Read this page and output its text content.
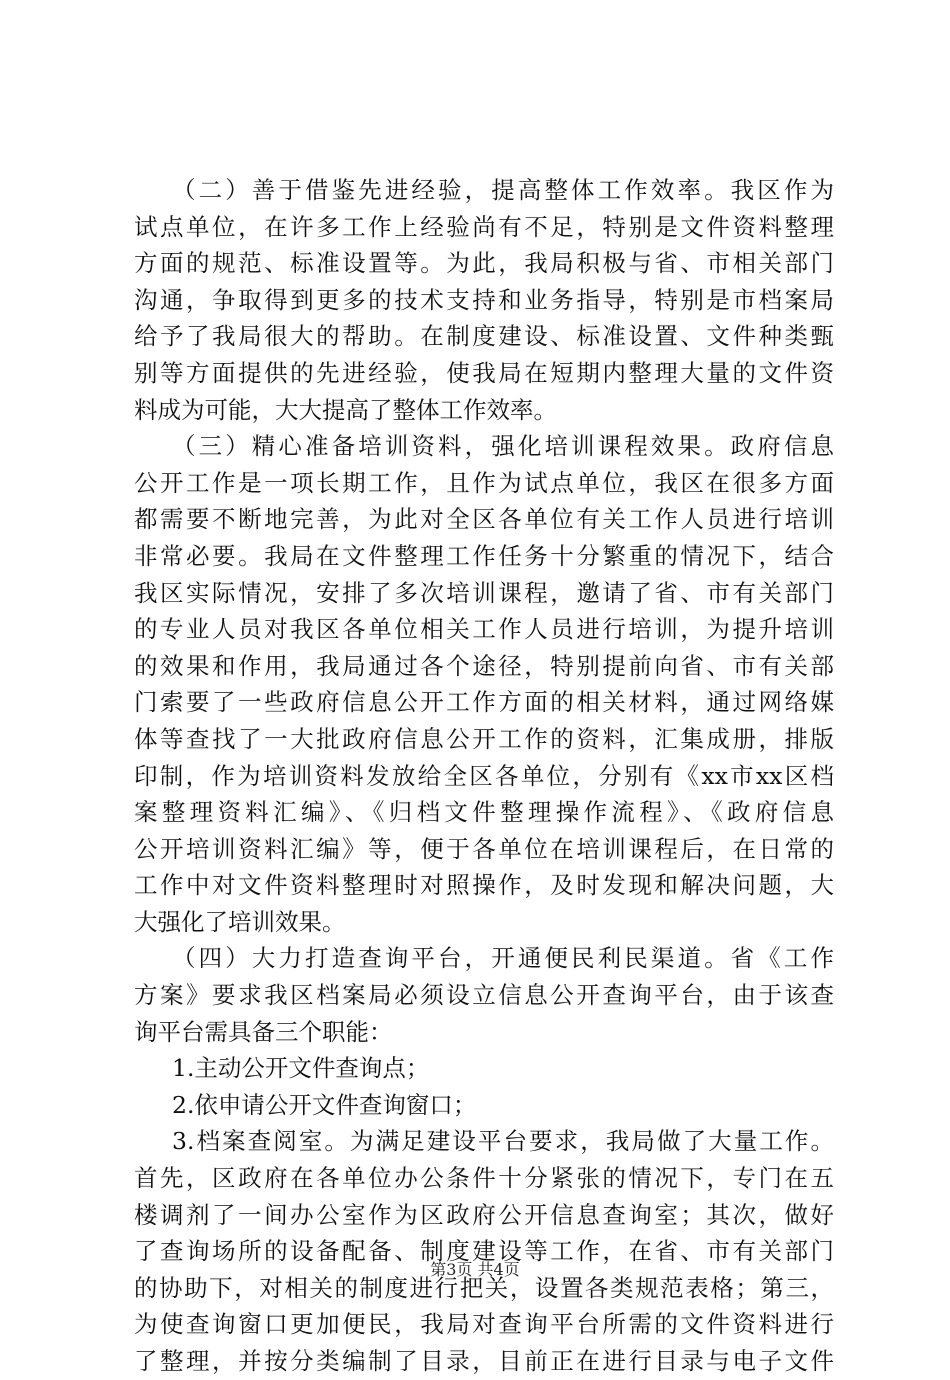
（二）善于借鉴先进经验，提高整体工作效率。我区作为
试点单位，在许多工作上经验尚有不足，特别是文件资料整理
方面的规范、标准设置等。为此，我局积极与省、市相关部门
沟通，争取得到更多的技术支持和业务指导，特别是市档案局
给予了我局很大的帮助。在制度建设、标准设置、文件种类甄
别等方面提供的先进经验，使我局在短期内整理大量的文件资
料成为可能，大大提高了整体工作效率。
（三）精心准备培训资料，强化培训课程效果。政府信息
公开工作是一项长期工作，且作为试点单位，我区在很多方面
都需要不断地完善，为此对全区各单位有关工作人员进行培训
非常必要。我局在文件整理工作任务十分繁重的情况下，结合
我区实际情况，安排了多次培训课程，邀请了省、市有关部门
的专业人员对我区各单位相关工作人员进行培训，为提升培训
的效果和作用，我局通过各个途径，特别提前向省、市有关部
门索要了一些政府信息公开工作方面的相关材料，通过网络媒
体等查找了一大批政府信息公开工作的资料，汇集成册，排版
印制，作为培训资料发放给全区各单位，分别有《xx市xx区档
案整理资料汇编》、《归档文件整理操作流程》、《政府信息
公开培训资料汇编》等，便于各单位在培训课程后，在日常的
工作中对文件资料整理时对照操作，及时发现和解决问题，大
大强化了培训效果。
（四）大力打造查询平台，开通便民利民渠道。省《工作
方案》要求我区档案局必须设立信息公开查询平台，由于该查
询平台需具备三个职能：
1.主动公开文件查询点；
2.依申请公开文件查询窗口；
3.档案查阅室。为满足建设平台要求，我局做了大量工作。
首先，区政府在各单位办公条件十分紧张的情况下，专门在五
楼调剂了一间办公室作为区政府公开信息查询室；其次，做好
了查询场所的设备配备、制度建设等工作，在省、市有关部门
的协助下，对相关的制度进行把关，设置各类规范表格；第三，
为使查询窗口更加便民，我局对查询平台所需的文件资料进行
了整理，并按分类编制了目录，目前正在进行目录与电子文件
第3页 共4页
